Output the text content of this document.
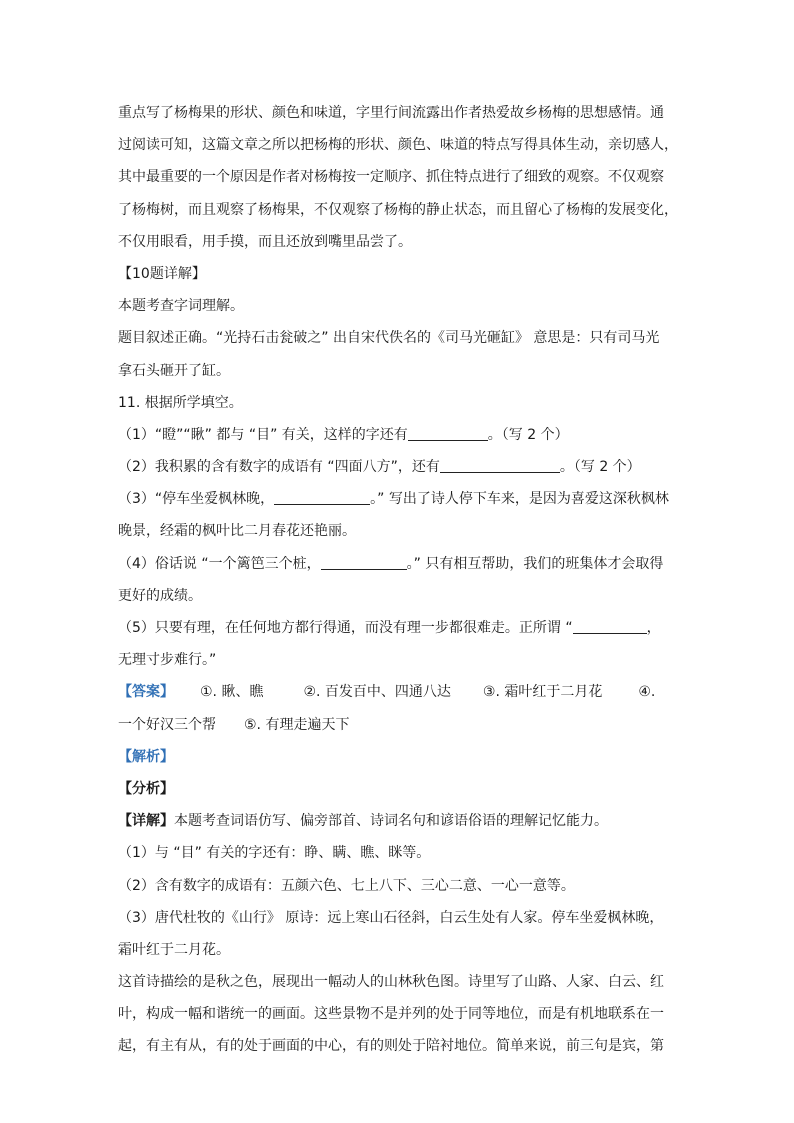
重点写了杨梅果的形状、颜色和味道，字里行间流露出作者热爱故乡杨梅的思想感情。通
过阅读可知，这篇文章之所以把杨梅的形状、颜色、味道的特点写得具体生动，亲切感人，
其中最重要的一个原因是作者对杨梅按一定顺序、抓住特点进行了细致的观察。不仅观察
了杨梅树，而且观察了杨梅果，不仅观察了杨梅的静止状态，而且留心了杨梅的发展变化，
不仅用眼看，用手摸，而且还放到嘴里品尝了。
【10题详解】
本题考查字词理解。
题目叙述正确。“光持石击瓮破之” 出自宋代佚名的《司马光砸缸》 意思是：只有司马光
拿石头砸开了缸。
11. 根据所学填空。
（1）“瞪”“瞅” 都与 “目” 有关，这样的字还有	。（写 2 个）
（2）我积累的含有数字的成语有 “四面八方”，还有	。（写 2 个）
（3）“停车坐爱枫林晚，	。” 写出了诗人停下车来，是因为喜爱这深秋枫林
晚景，经霜的枫叶比二月春花还艳丽。
（4）俗话说 “一个篱笆三个桩，	。” 只有相互帮助，我们的班集体才会取得
更好的成绩。
（5）只要有理，在任何地方都行得通，而没有理一步都很难走。正所谓 “	，
无理寸步难行。”
【答案】 ①. 瞅、瞧	②. 百发百中、四通八达 ③. 霜叶红于二月花	④.
一个好汉三个帮 ⑤. 有理走遍天下
【解析】
【分析】
【详解】本题考查词语仿写、偏旁部首、诗词名句和谚语俗语的理解记忆能力。
（1）与 “目” 有关的字还有：睁、瞒、瞧、眯等。
（2）含有数字的成语有：五颜六色、七上八下、三心二意、一心一意等。
（3）唐代杜牧的《山行》 原诗：远上寒山石径斜，白云生处有人家。停车坐爱枫林晚，
霜叶红于二月花。
这首诗描绘的是秋之色，展现出一幅动人的山林秋色图。诗里写了山路、人家、白云、红
叶，构成一幅和谐统一的画面。这些景物不是并列的处于同等地位，而是有机地联系在一
起，有主有从，有的处于画面的中心，有的则处于陪衬地位。简单来说，前三句是宾，第
